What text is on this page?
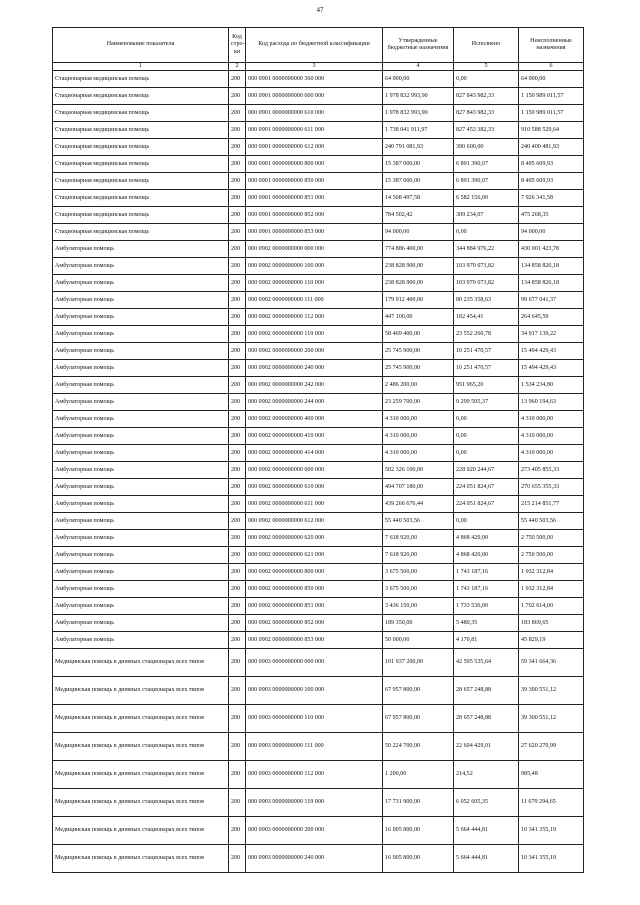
47
Наименование показателя	Код стро-ки	Код расхода по бюджетной классификации	Утвержденные бюджетные назначения	Исполнено	Неисполненные назначения
1	2	3	4	5	6
Стационарная медицинская помощь	200	000 0901 0000000000 360 000	64 000,00	0,00	64 000,00
Стационарная медицинская помощь	200	000 0901 0000000000 600 000	1 978 832 993,90	827 843 982,33	1 150 989 011,57
Стационарная медицинская помощь	200	000 0901 0000000000 610 000	1 978 832 993,90	827 843 982,33	1 150 989 011,57
Стационарная медицинская помощь	200	000 0901 0000000000 611 000	1 738 041 911,97	827 453 382,33	910 588 529,64
Стационарная медицинская помощь	200	000 0901 0000000000 612 000	240 791 081,93	390 600,00	240 400 481,93
Стационарная медицинская помощь	200	000 0901 0000000000 800 000	15 387 000,00	6 891 390,07	8 495 609,93
Стационарная медицинская помощь	200	000 0901 0000000000 850 000	15 387 000,00	6 891 390,07	8 495 609,93
Стационарная медицинская помощь	200	000 0901 0000000000 851 000	14 508 497,58	6 582 156,00	7 926 341,58
Стационарная медицинская помощь	200	000 0901 0000000000 852 000	784 502,42	309 234,07	475 268,35
Стационарная медицинская помощь	200	000 0901 0000000000 853 000	94 000,00	0,00	94 000,00
Амбулаторная помощь	200	000 0902 0000000000 000 000	774 886 400,00	344 884 976,22	430 001 423,78
Амбулаторная помощь	200	000 0902 0000000000 100 000	238 828 900,00	103 970 073,82	134 858 826,18
Амбулаторная помощь	200	000 0902 0000000000 110 000	238 828 900,00	103 970 073,82	134 858 826,18
Амбулаторная помощь	200	000 0902 0000000000 111 000	179 912 400,00	80 235 358,63	99 677 041,37
Амбулаторная помощь	200	000 0902 0000000000 112 000	447 100,00	182 454,41	264 645,59
Амбулаторная помощь	200	000 0902 0000000000 119 000	58 469 400,00	23 552 260,78	34 917 139,22
Амбулаторная помощь	200	000 0902 0000000000 200 000	25 745 900,00	10 251 470,57	15 494 429,43
Амбулаторная помощь	200	000 0902 0000000000 240 000	25 745 900,00	10 251 470,57	15 494 429,43
Амбулаторная помощь	200	000 0902 0000000000 242 000	2 486 200,00	951 965,20	1 534 234,80
Амбулаторная помощь	200	000 0902 0000000000 244 000	23 259 700,00	9 299 505,37	13 960 194,63
Амбулаторная помощь	200	000 0902 0000000000 400 000	4 310 000,00	0,00	4 310 000,00
Амбулаторная помощь	200	000 0902 0000000000 410 000	4 310 000,00	0,00	4 310 000,00
Амбулаторная помощь	200	000 0902 0000000000 414 000	4 310 000,00	0,00	4 310 000,00
Амбулаторная помощь	200	000 0902 0000000000 600 000	502 326 100,00	228 920 244,67	273 405 855,33
Амбулаторная помощь	200	000 0902 0000000000 610 000	494 707 180,00	224 051 824,67	270 655 355,33
Амбулаторная помощь	200	000 0902 0000000000 611 000	439 266 676,44	224 051 824,67	215 214 851,77
Амбулаторная помощь	200	000 0902 0000000000 612 000	55 440 503,56	0,00	55 440 503,56
Амбулаторная помощь	200	000 0902 0000000000 620 000	7 618 920,00	4 868 420,00	2 750 500,00
Амбулаторная помощь	200	000 0902 0000000000 621 000	7 618 920,00	4 868 420,00	2 750 500,00
Амбулаторная помощь	200	000 0902 0000000000 800 000	3 675 500,00	1 743 187,16	1 932 312,84
Амбулаторная помощь	200	000 0902 0000000000 850 000	3 675 500,00	1 743 187,16	1 932 312,84
Амбулаторная помощь	200	000 0902 0000000000 851 000	3 436 150,00	1 733 536,00	1 702 614,00
Амбулаторная помощь	200	000 0902 0000000000 852 000	189 350,00	5 480,35	183 869,65
Амбулаторная помощь	200	000 0902 0000000000 853 000	50 000,00	4 170,81	45 829,19
Медицинская помощь в дневных стационарах всех типов	200	000 0903 0000000000 000 000	101 937 200,00	42 595 535,64	59 341 664,36
Медицинская помощь в дневных стационарах всех типов	200	000 0903 0000000000 100 000	67 957 800,00	28 657 248,88	39 300 551,12
Медицинская помощь в дневных стационарах всех типов	200	000 0903 0000000000 110 000	67 957 800,00	28 657 248,88	39 300 551,12
Медицинская помощь в дневных стационарах всех типов	200	000 0903 0000000000 111 000	50 224 700,00	22 604 429,01	27 620 270,99
Медицинская помощь в дневных стационарах всех типов	200	000 0903 0000000000 112 000	1 200,00	214,52	985,48
Медицинская помощь в дневных стационарах всех типов	200	000 0903 0000000000 119 000	17 731 900,00	6 052 605,35	11 679 294,65
Медицинская помощь в дневных стационарах всех типов	200	000 0903 0000000000 200 000	16 005 800,00	5 664 444,81	10 341 355,19
Медицинская помощь в дневных стационарах всех типов	200	000 0903 0000000000 240 000	16 005 800,00	5 664 444,81	10 341 355,19
